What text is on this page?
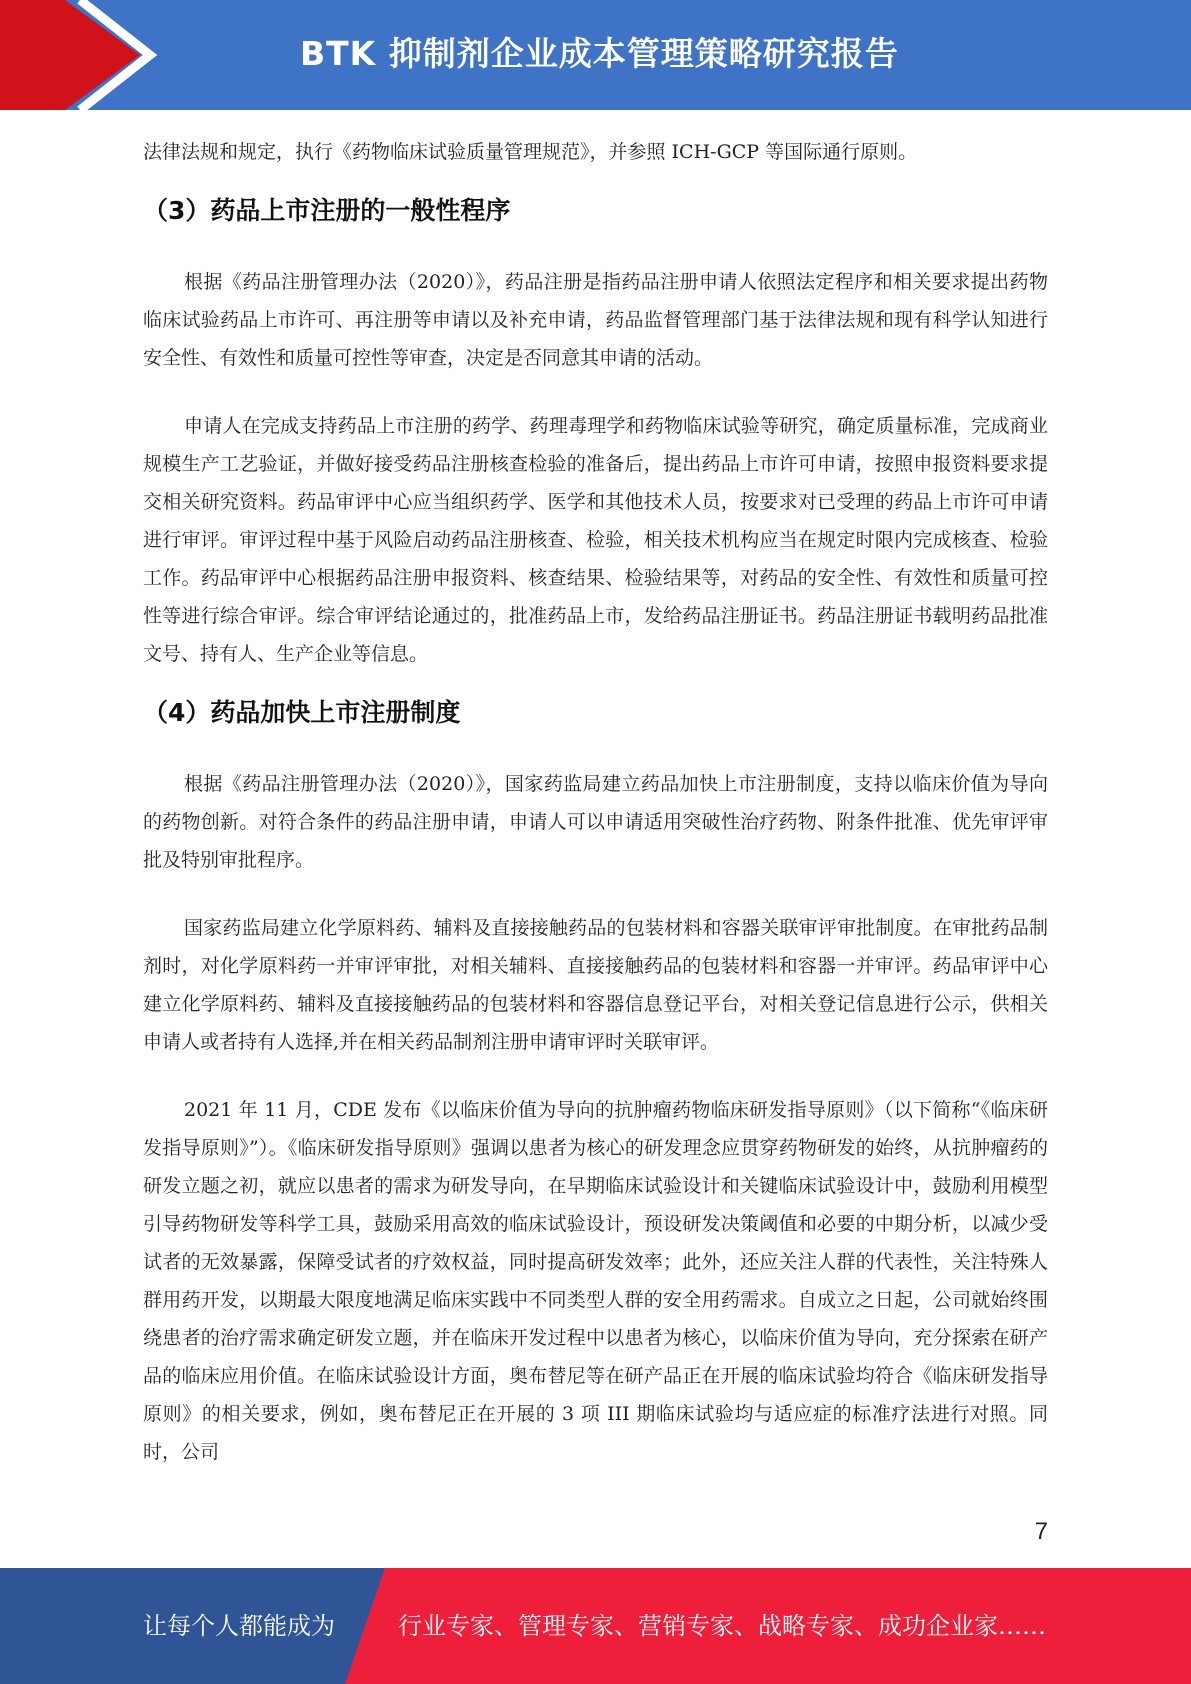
BTK 抑制剂企业成本管理策略研究报告

法律法规和规定，执行《药物临床试验质量管理规范》，并参照 ICH-GCP 等国际通行原则。

（3）药品上市注册的一般性程序

根据《药品注册管理办法（2020）》，药品注册是指药品注册申请人依照法定程序和相关要求提出药物临床试验药品上市许可、再注册等申请以及补充申请，药品监督管理部门基于法律法规和现有科学认知进行安全性、有效性和质量可控性等审查，决定是否同意其申请的活动。

申请人在完成支持药品上市注册的药学、药理毒理学和药物临床试验等研究，确定质量标准，完成商业规模生产工艺验证，并做好接受药品注册核查检验的准备后，提出药品上市许可申请，按照申报资料要求提交相关研究资料。药品审评中心应当组织药学、医学和其他技术人员，按要求对已受理的药品上市许可申请进行审评。审评过程中基于风险启动药品注册核查、检验，相关技术机构应当在规定时限内完成核查、检验工作。药品审评中心根据药品注册申报资料、核查结果、检验结果等，对药品的安全性、有效性和质量可控性等进行综合审评。综合审评结论通过的，批准药品上市，发给药品注册证书。药品注册证书载明药品批准文号、持有人、生产企业等信息。

（4）药品加快上市注册制度

根据《药品注册管理办法（2020）》，国家药监局建立药品加快上市注册制度，支持以临床价值为导向的药物创新。对符合条件的药品注册申请，申请人可以申请适用突破性治疗药物、附条件批准、优先审评审批及特别审批程序。

国家药监局建立化学原料药、辅料及直接接触药品的包装材料和容器关联审评审批制度。在审批药品制剂时，对化学原料药一并审评审批，对相关辅料、直接接触药品的包装材料和容器一并审评。药品审评中心建立化学原料药、辅料及直接接触药品的包装材料和容器信息登记平台，对相关登记信息进行公示，供相关申请人或者持有人选择,并在相关药品制剂注册申请审评时关联审评。

2021 年 11 月，CDE 发布《以临床价值为导向的抗肿瘤药物临床研发指导原则》（以下简称“《临床研发指导原则》”）。《临床研发指导原则》强调以患者为核心的研发理念应贯穿药物研发的始终，从抗肿瘤药的研发立题之初，就应以患者的需求为研发导向，在早期临床试验设计和关键临床试验设计中，鼓励利用模型引导药物研发等科学工具，鼓励采用高效的临床试验设计，预设研发决策阈值和必要的中期分析，以减少受试者的无效暴露，保障受试者的疗效权益，同时提高研发效率；此外，还应关注人群的代表性，关注特殊人群用药开发，以期最大限度地满足临床实践中不同类型人群的安全用药需求。自成立之日起，公司就始终围绕患者的治疗需求确定研发立题，并在临床开发过程中以患者为核心，以临床价值为导向，充分探索在研产品的临床应用价值。在临床试验设计方面，奥布替尼等在研产品正在开展的临床试验均符合《临床研发指导原则》的相关要求，例如，奥布替尼正在开展的 3 项 III 期临床试验均与适应症的标准疗法进行对照。同时，公司

7
让每个人都能成为	行业专家、管理专家、营销专家、战略专家、成功企业家……
